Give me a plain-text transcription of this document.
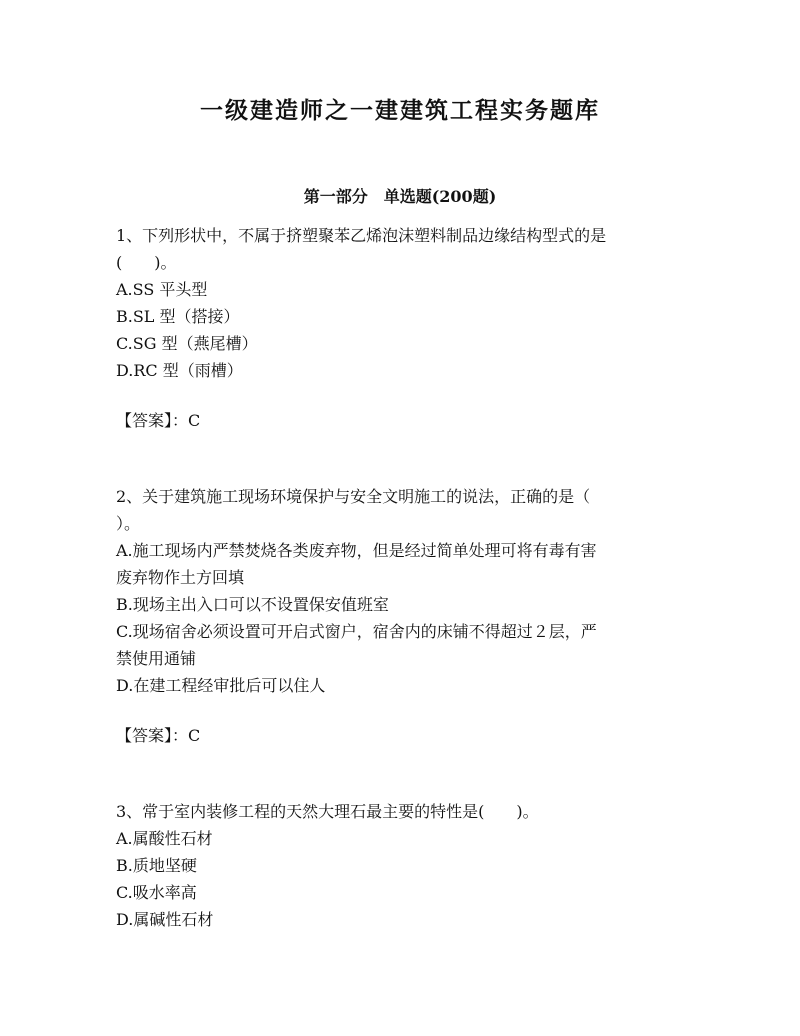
一级建造师之一建建筑工程实务题库
第一部分　单选题(200题)
1、下列形状中，不属于挤塑聚苯乙烯泡沫塑料制品边缘结构型式的是
(　　)。
A.SS 平头型
B.SL 型（搭接）
C.SG 型（燕尾槽）
D.RC 型（雨槽）
【答案】：C
2、关于建筑施工现场环境保护与安全文明施工的说法，正确的是（
）。
A.施工现场内严禁焚烧各类废弃物，但是经过简单处理可将有毒有害
废弃物作土方回填
B.现场主出入口可以不设置保安值班室
C.现场宿舍必须设置可开启式窗户，宿舍内的床铺不得超过２层，严
禁使用通铺
D.在建工程经审批后可以住人
【答案】：C
3、常于室内装修工程的天然大理石最主要的特性是(　　)。
A.属酸性石材
B.质地坚硬
C.吸水率高
D.属碱性石材
